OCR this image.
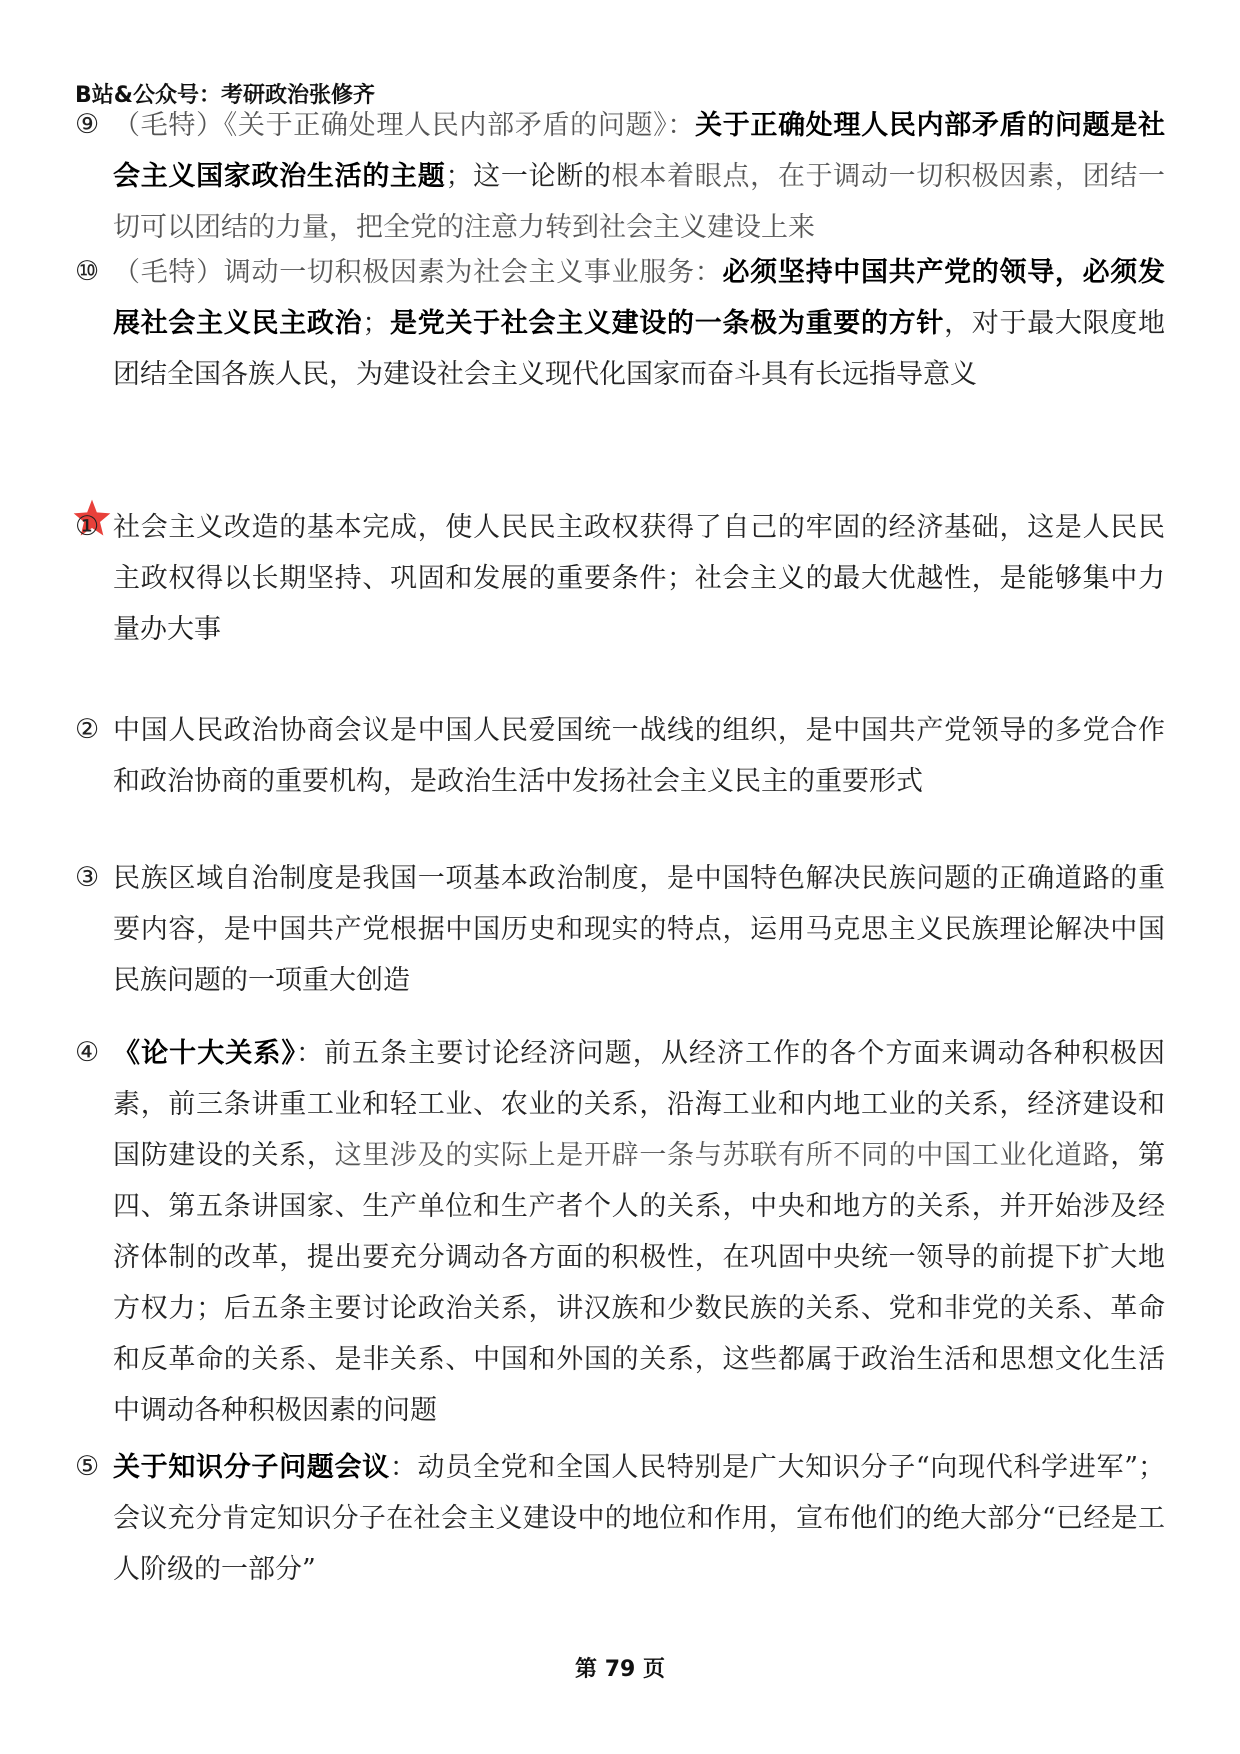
B站&公众号：考研政治张修齐
⑨ （毛特）《关于正确处理人民内部矛盾的问题》：关于正确处理人民内部矛盾的问题是社会主义国家政治生活的主题；这一论断的根本着眼点，在于调动一切积极因素，团结一切可以团结的力量，把全党的注意力转到社会主义建设上来
⑩ （毛特）调动一切积极因素为社会主义事业服务：必须坚持中国共产党的领导，必须发展社会主义民主政治；是党关于社会主义建设的一条极为重要的方针，对于最大限度地团结全国各族人民，为建设社会主义现代化国家而奋斗具有长远指导意义
① 社会主义改造的基本完成，使人民民主政权获得了自己的牢固的经济基础，这是人民民主政权得以长期坚持、巩固和发展的重要条件；社会主义的最大优越性，是能够集中力量办大事
② 中国人民政治协商会议是中国人民爱国统一战线的组织，是中国共产党领导的多党合作和政治协商的重要机构，是政治生活中发扬社会主义民主的重要形式
③ 民族区域自治制度是我国一项基本政治制度，是中国特色解决民族问题的正确道路的重要内容，是中国共产党根据中国历史和现实的特点，运用马克思主义民族理论解决中国民族问题的一项重大创造
④ 《论十大关系》：前五条主要讨论经济问题，从经济工作的各个方面来调动各种积极因素，前三条讲重工业和轻工业、农业的关系，沿海工业和内地工业的关系，经济建设和国防建设的关系，这里涉及的实际上是开辟一条与苏联有所不同的中国工业化道路，第四、第五条讲国家、生产单位和生产者个人的关系，中央和地方的关系，并开始涉及经济体制的改革，提出要充分调动各方面的积极性，在巩固中央统一领导的前提下扩大地方权力；后五条主要讨论政治关系，讲汉族和少数民族的关系、党和非党的关系、革命和反革命的关系、是非关系、中国和外国的关系，这些都属于政治生活和思想文化生活中调动各种积极因素的问题
⑤ 关于知识分子问题会议：动员全党和全国人民特别是广大知识分子“向现代科学进军”；会议充分肯定知识分子在社会主义建设中的地位和作用，宣布他们的绝大部分“已经是工人阶级的一部分”
第 79 页
